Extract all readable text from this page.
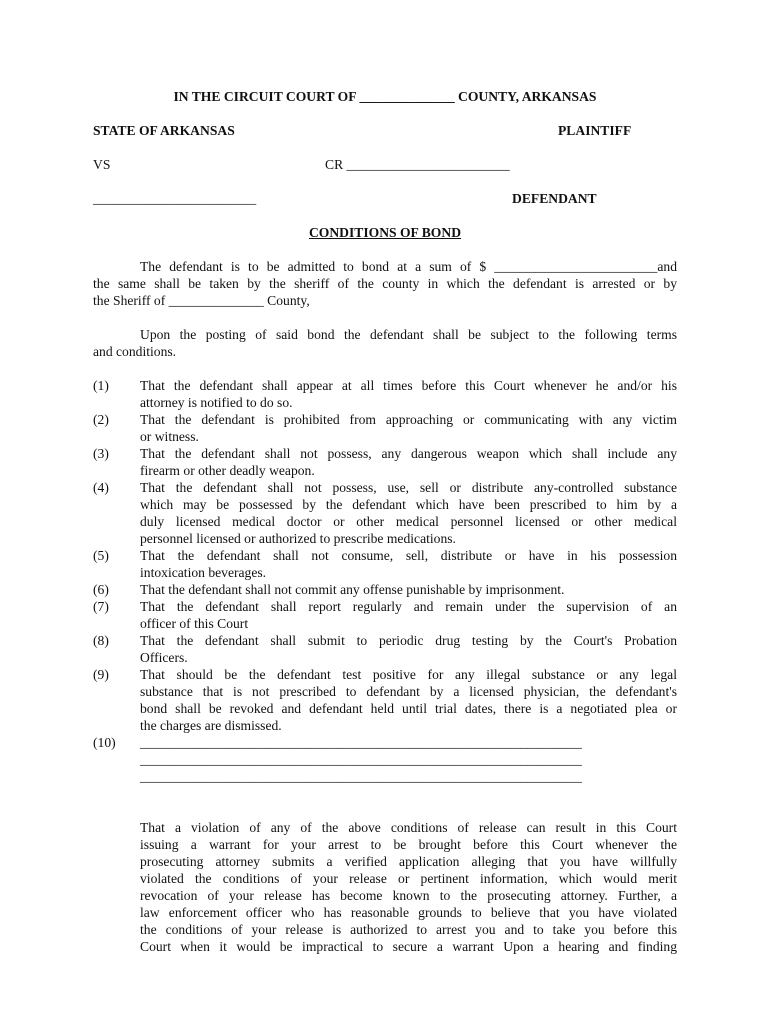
IN THE CIRCUIT COURT OF ______________ COUNTY, ARKANSAS

STATE OF ARKANSAS

	PLAINTIFF

VS

	CR ________________________

________________________

	DEFENDANT

CONDITIONS OF BOND
The defendant is to be admitted to bond at a sum of $ ________________________and
the same shall be taken by the sheriff of the county in which the defendant is arrested or by
the Sheriff of ______________ County,
Upon the posting of said bond the defendant shall be subject to the following terms
and conditions.
(1) That the defendant shall appear at all times before this Court whenever he and/or his
attorney is notified to do so.
(2) That the defendant is prohibited from approaching or communicating with any victim
or witness.
(3) That the defendant shall not possess, any dangerous weapon which shall include any
firearm or other deadly weapon.
(4) That the defendant shall not possess, use, sell or distribute any-controlled substance
which may be possessed by the defendant which have been prescribed to him by a
duly licensed medical doctor or other medical personnel licensed or other medical
personnel licensed or authorized to prescribe medications.
(5) That the defendant shall not consume, sell, distribute or have in his possession
intoxication beverages.
(6) That the defendant shall not commit any offense punishable by imprisonment.
(7) That the defendant shall report regularly and remain under the supervision of an
officer of this Court
(8) That the defendant shall submit to periodic drug testing by the Court's Probation
Officers.
(9) That should be the defendant test positive for any illegal substance or any legal
substance that is not prescribed to defendant by a licensed physician, the defendant's
bond shall be revoked and defendant held until trial dates, there is a negotiated plea or
the charges are dismissed.
(10) _________________________________________________________________
_________________________________________________________________
_________________________________________________________________
That a violation of any of the above conditions of release can result in this Court
issuing a warrant for your arrest to be brought before this Court whenever the
prosecuting attorney submits a verified application alleging that you have willfully
violated the conditions of your release or pertinent information, which would merit
revocation of your release has become known to the prosecuting attorney. Further, a
law enforcement officer who has reasonable grounds to believe that you have violated
the conditions of your release is authorized to arrest you and to take you before this
Court when it would be impractical to secure a warrant Upon a hearing and finding
